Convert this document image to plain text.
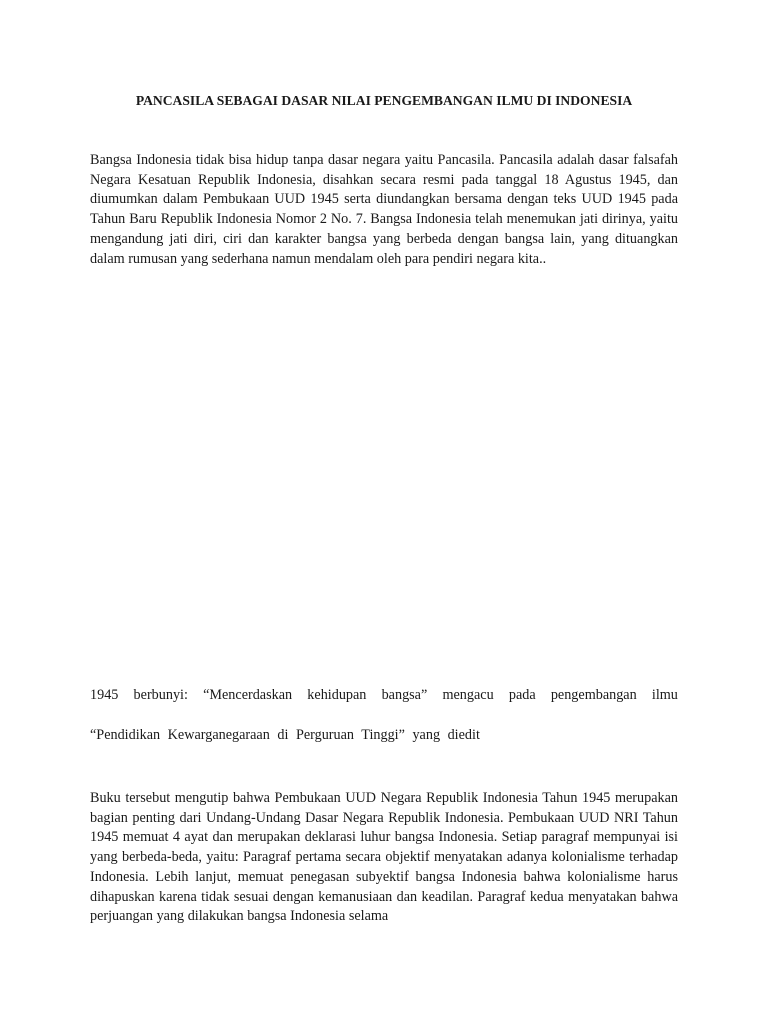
PANCASILA SEBAGAI DASAR NILAI PENGEMBANGAN ILMU DI INDONESIA

Bangsa Indonesia tidak bisa hidup tanpa dasar negara yaitu Pancasila. Pancasila adalah dasar falsafah Negara Kesatuan Republik Indonesia, disahkan secara resmi pada tanggal 18 Agustus 1945, dan diumumkan dalam Pembukaan UUD 1945 serta diundangkan bersama dengan teks UUD 1945 pada Tahun Baru Republik Indonesia Nomor 2 No. 7. Bangsa Indonesia telah menemukan jati dirinya, yaitu mengandung jati diri, ciri dan karakter bangsa yang berbeda dengan bangsa lain, yang dituangkan dalam rumusan yang sederhana namun mendalam oleh para pendiri negara kita..

1945 berbunyi: “Mencerdaskan kehidupan bangsa” mengacu pada pengembangan ilmu
“Pendidikan Kewarganegaraan di Perguruan Tinggi” yang diedit

Buku tersebut mengutip bahwa Pembukaan UUD Negara Republik Indonesia Tahun 1945 merupakan bagian penting dari Undang-Undang Dasar Negara Republik Indonesia. Pembukaan UUD NRI Tahun 1945 memuat 4 ayat dan merupakan deklarasi luhur bangsa Indonesia. Setiap paragraf mempunyai isi yang berbeda-beda, yaitu: Paragraf pertama secara objektif menyatakan adanya kolonialisme terhadap Indonesia. Lebih lanjut, memuat penegasan subyektif bangsa Indonesia bahwa kolonialisme harus dihapuskan karena tidak sesuai dengan kemanusiaan dan keadilan. Paragraf kedua menyatakan bahwa perjuangan yang dilakukan bangsa Indonesia selama
